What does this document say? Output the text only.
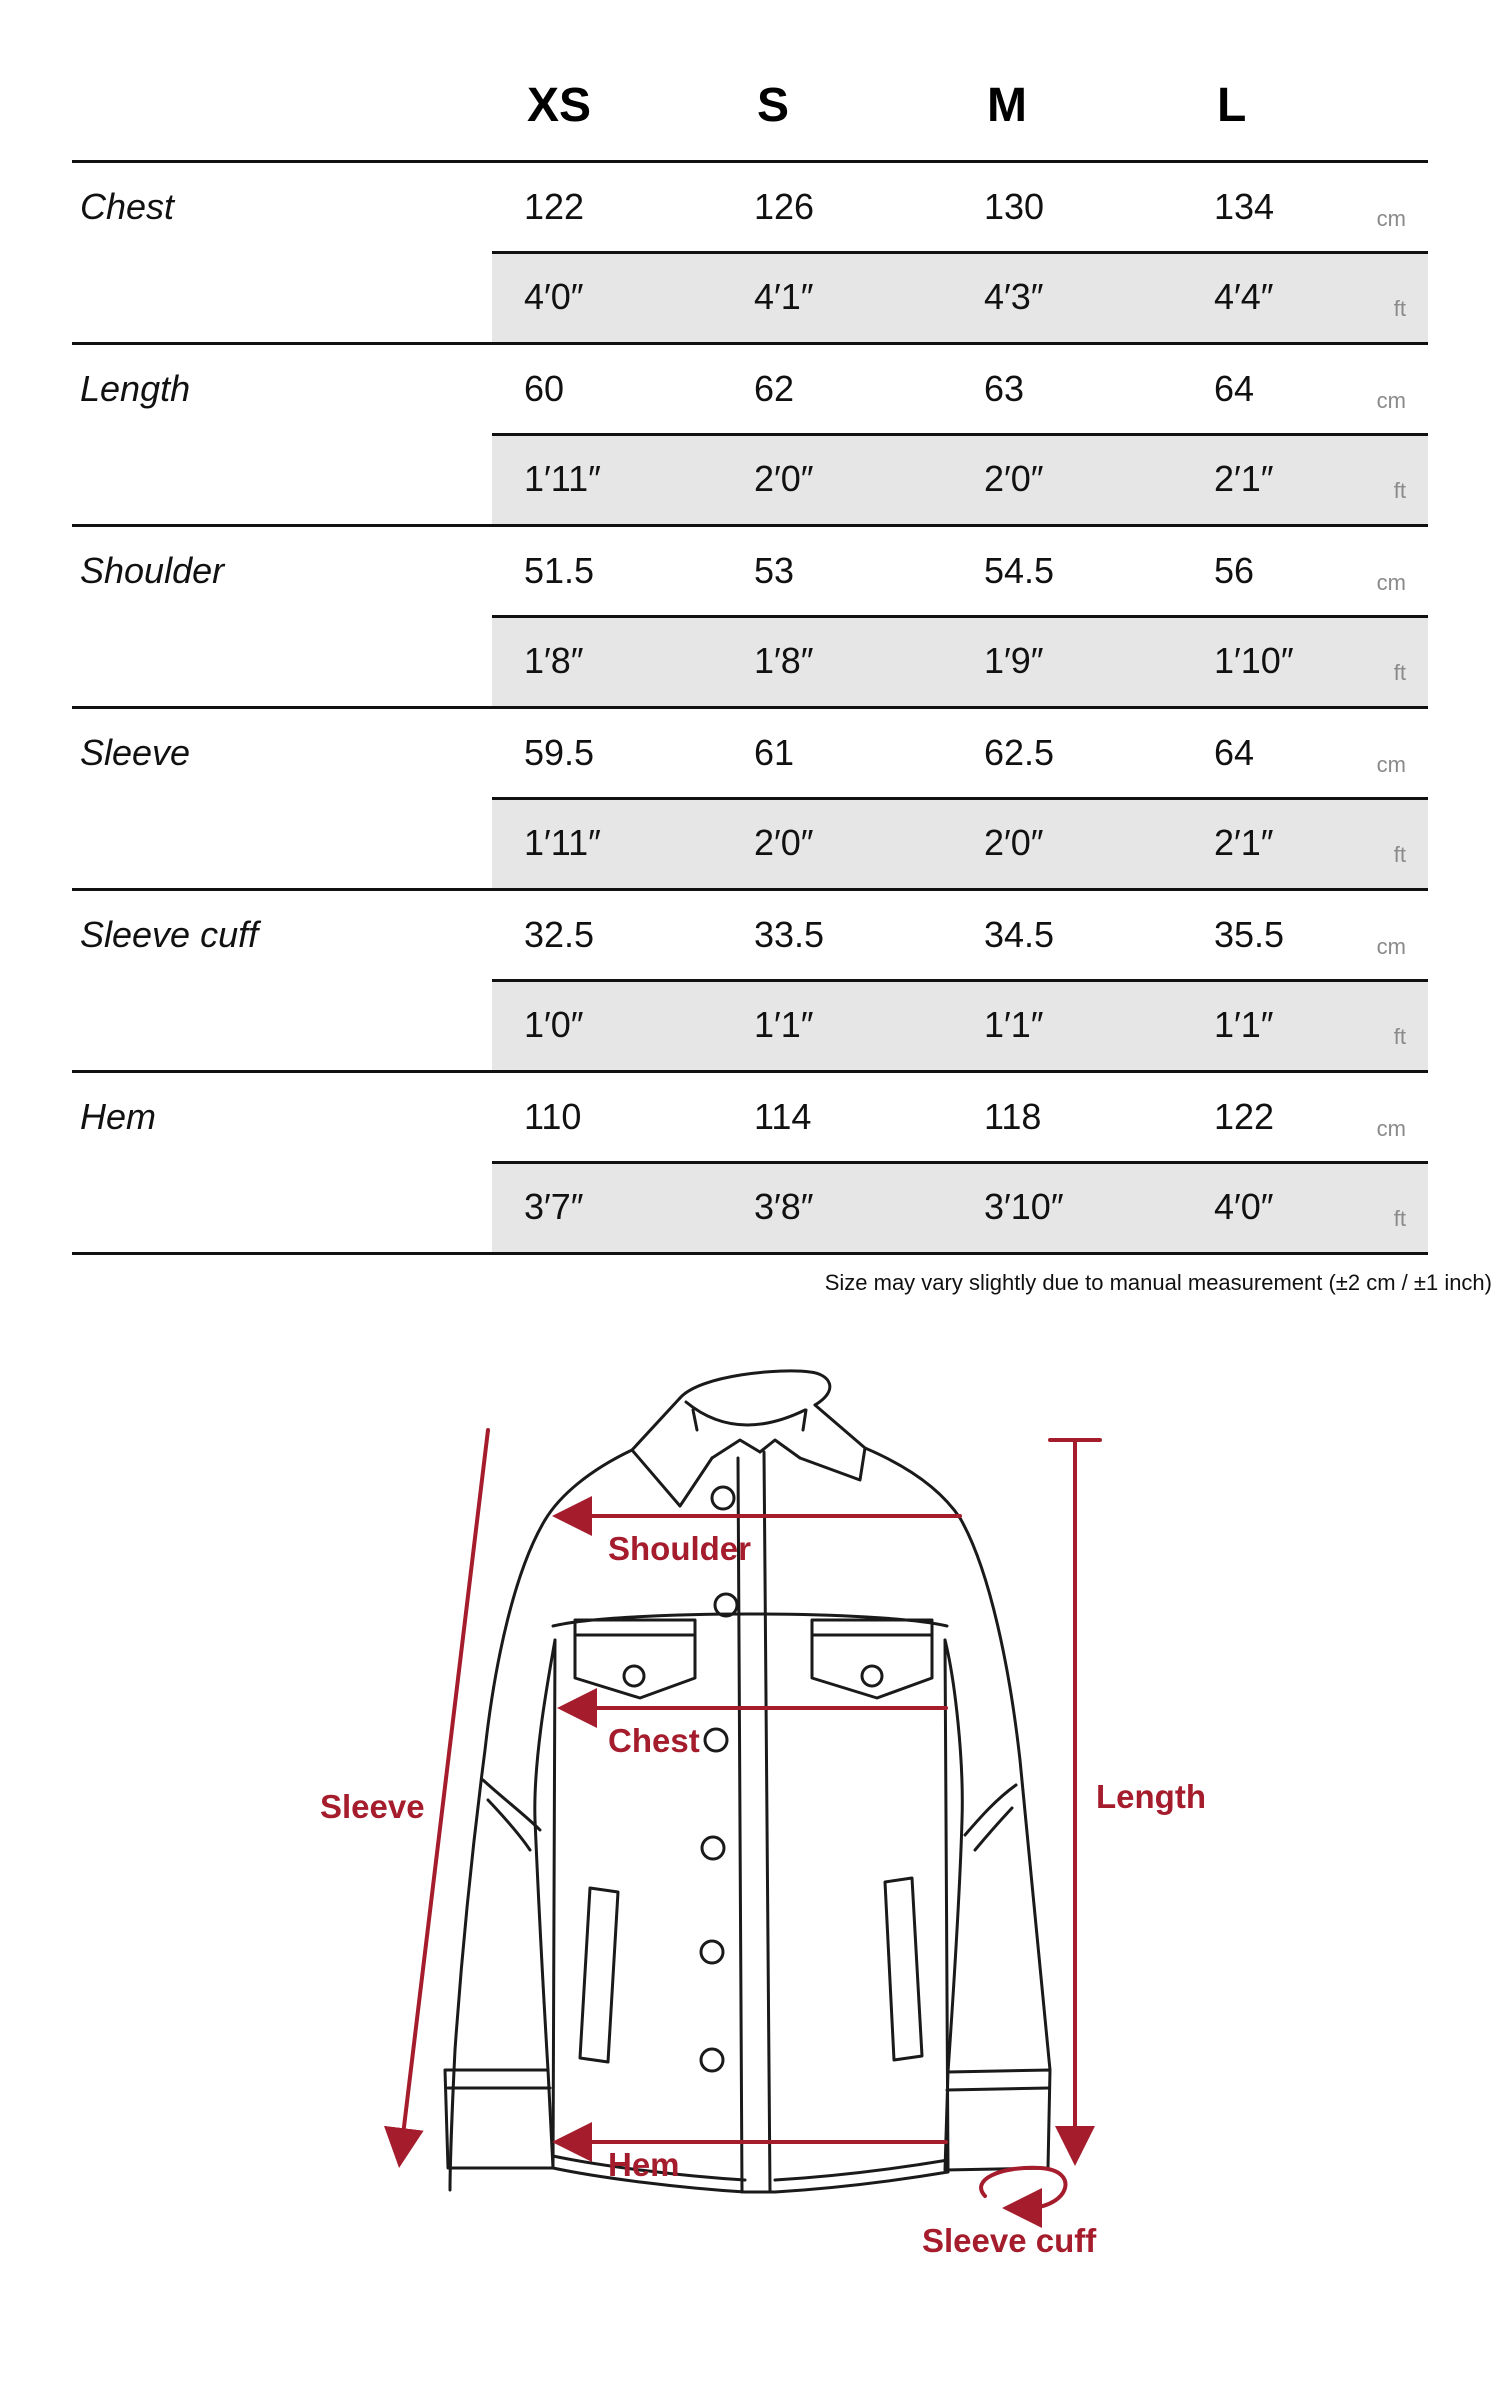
XS	S	M	L
Chest	122	126	130	134	cm
4′0″	4′1″	4′3″	4′4″	ft
Length	60	62	63	64	cm
1′11″	2′0″	2′0″	2′1″	ft
Shoulder	51.5	53	54.5	56	cm
1′8″	1′8″	1′9″	1′10″	ft
Sleeve	59.5	61	62.5	64	cm
1′11″	2′0″	2′0″	2′1″	ft
Sleeve cuff	32.5	33.5	34.5	35.5	cm
1′0″	1′1″	1′1″	1′1″	ft
Hem	110	114	118	122	cm
3′7″	3′8″	3′10″	4′0″	ft
Size may vary slightly due to manual measurement (±2 cm / ±1 inch)
Shoulder
Chest
Sleeve	Length
Hem
Sleeve cuff
